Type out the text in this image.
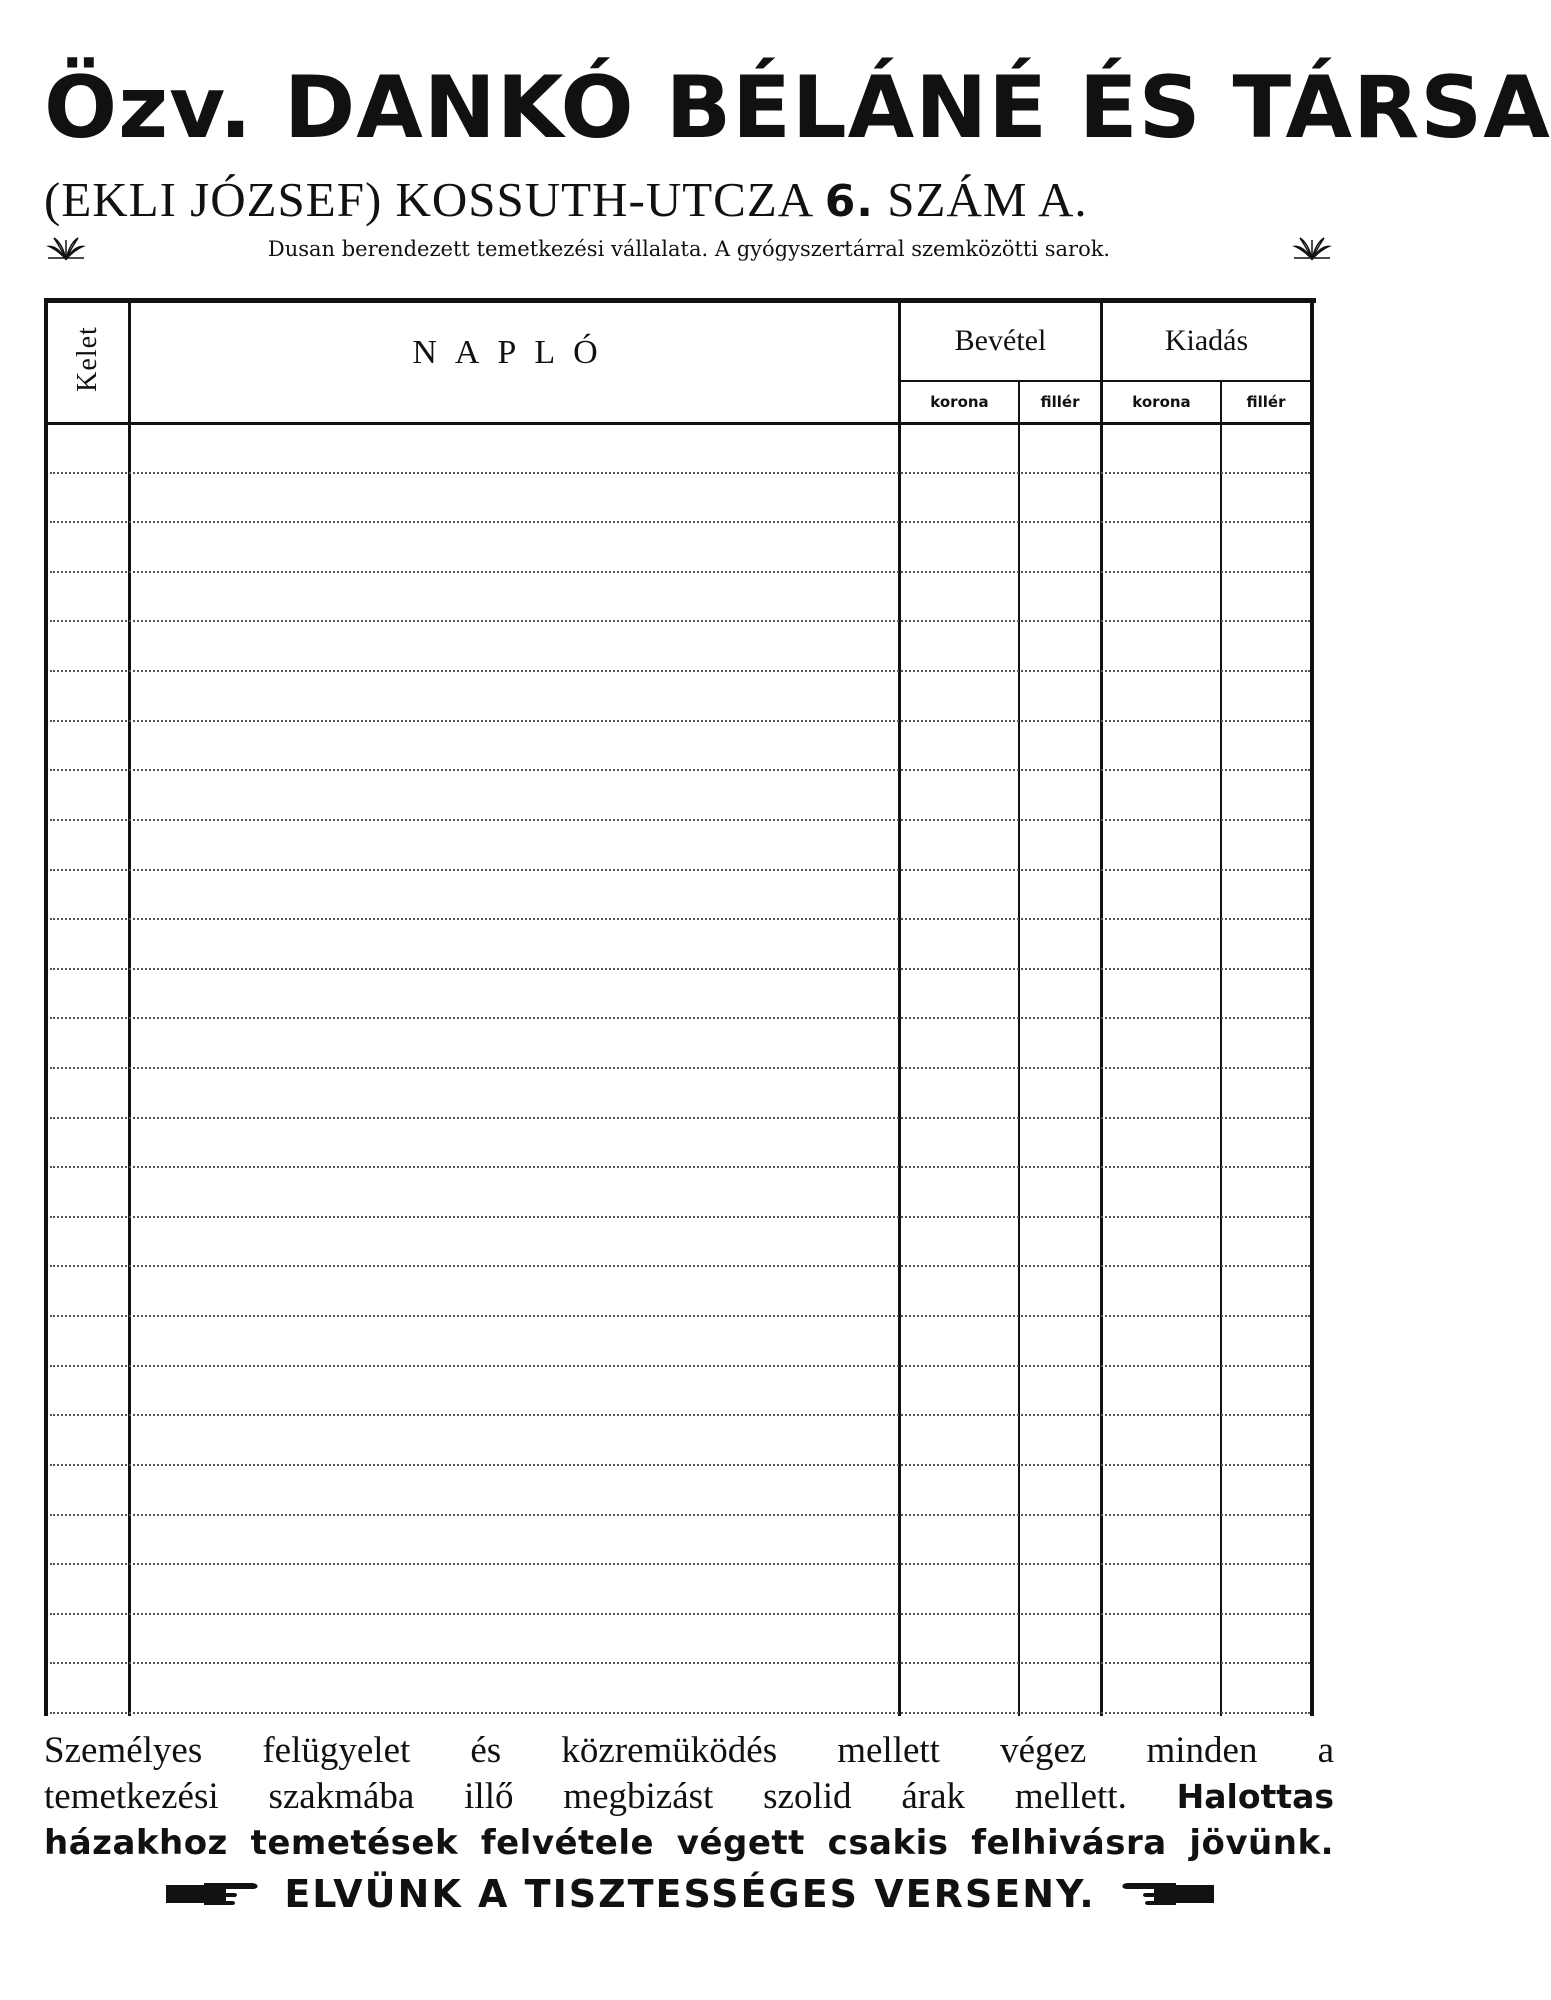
Özv. DANKÓ BÉLÁNÉ ÉS TÁRSA
(EKLI JÓZSEF) KOSSUTH-UTCZA 6. SZÁM A.
Dusan berendezett temetkezési vállalata. A gyógyszertárral szemközötti sarok.
Kelet	NAPLÓ	Bevétel	Kiadás
korona	fillér	korona	fillér
Személyes felügyelet és közremüködés mellett végez minden a
temetkezési szakmába illő megbizást szolid árak mellett. Halottas
házakhoz temetések felvétele végett csakis felhivásra jövünk.
ELVÜNK A TISZTESSÉGES VERSENY.
